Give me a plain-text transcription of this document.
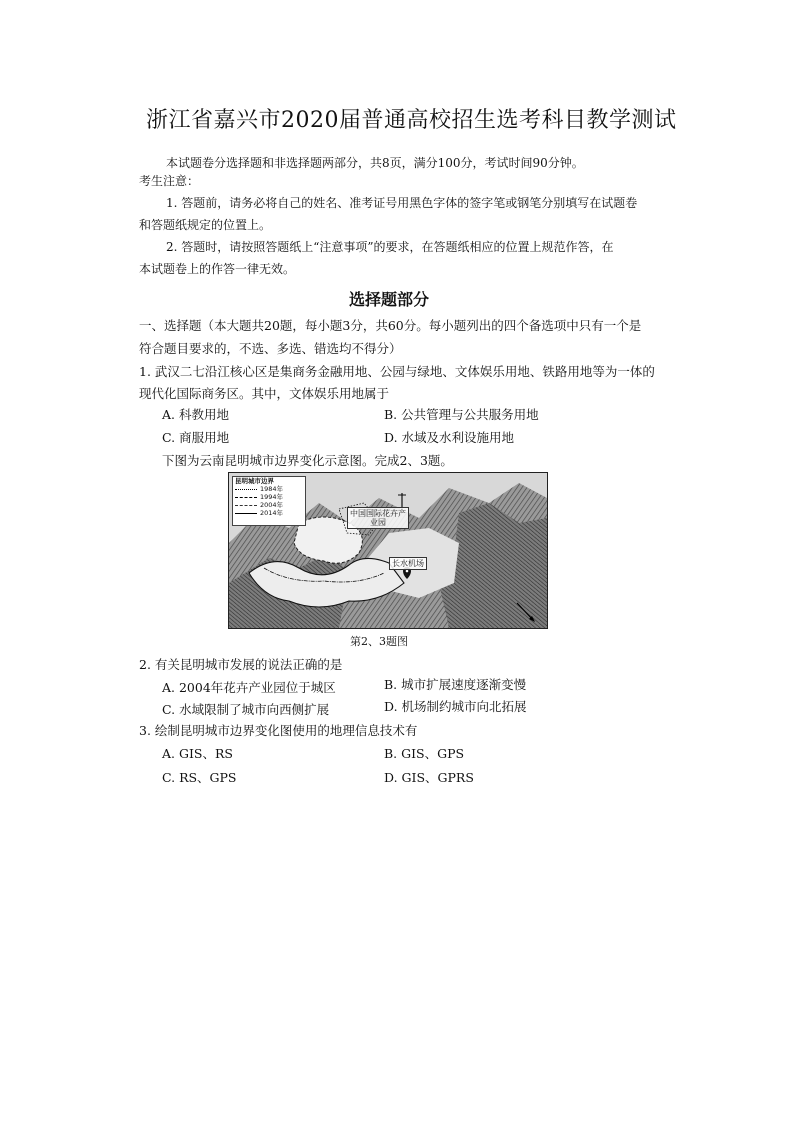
浙江省嘉兴市2020届普通高校招生选考科目教学测试
本试题卷分选择题和非选择题两部分，共8页，满分100分，考试时间90分钟。
考生注意：
1. 答题前，请务必将自己的姓名、准考证号用黑色字体的签字笔或钢笔分别填写在试题卷
和答题纸规定的位置上。
2. 答题时，请按照答题纸上“注意事项”的要求，在答题纸相应的位置上规范作答，在
本试题卷上的作答一律无效。
选择题部分
一、选择题（本大题共20题，每小题3分，共60分。每小题列出的四个备选项中只有一个是
符合题目要求的，不选、多选、错选均不得分）
1. 武汉二七沿江核心区是集商务金融用地、公园与绿地、文体娱乐用地、铁路用地等为一体的
现代化国际商务区。其中，文体娱乐用地属于
A. 科教用地	B. 公共管理与公共服务用地
C. 商服用地	D. 水域及水利设施用地
下图为云南昆明城市边界变化示意图。完成2、3题。
昆明城市边界
1984年
1994年
2004年
2014年	中国国际花卉产业园
长水机场
第2、3题图
2. 有关昆明城市发展的说法正确的是
A. 2004年花卉产业园位于城区	B. 城市扩展速度逐渐变慢
C. 水域限制了城市向西侧扩展	D. 机场制约城市向北拓展
3. 绘制昆明城市边界变化图使用的地理信息技术有
A. GIS、RS	B. GIS、GPS
C. RS、GPS	D. GIS、GPRS
